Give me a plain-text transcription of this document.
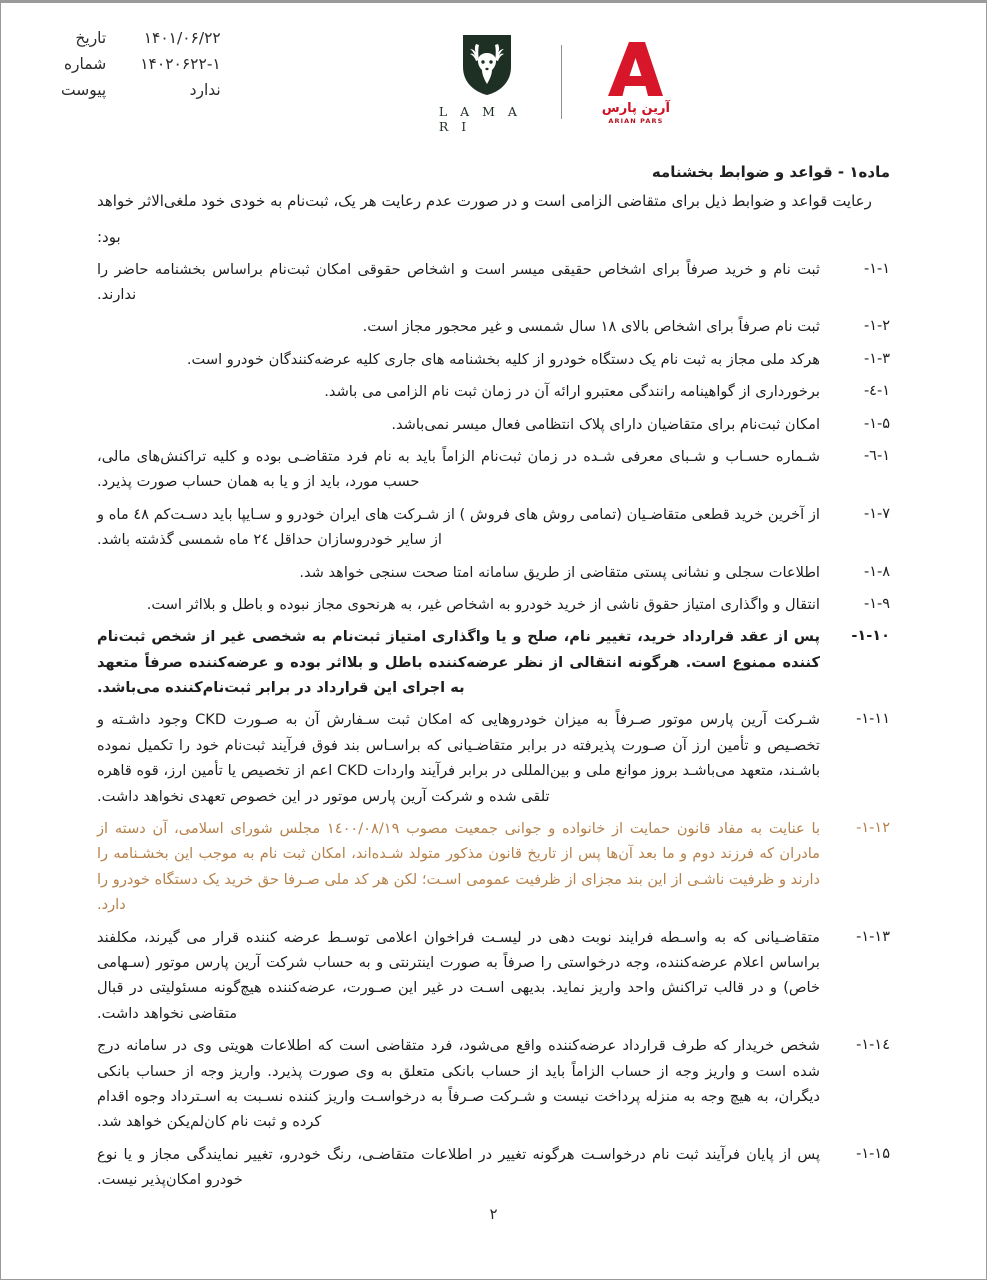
L A M A R I
آرین پارس
ARIAN PARS
۱۴۰۱/۰۶/۲۲
تاریخ
۱۴۰۲۰۶۲۲-۱
شماره
ندارد
پیوست
ماده۱ - قواعد و ضوابط بخشنامه

رعایت قواعد و ضوابط ذیل برای متقاضی الزامی است و در صورت عدم رعایت هر یک، ثبت‌نام به خودی خود ملغی‌الاثر خواهد

بود:

۱-۱-
ثبت نام و خرید صرفاً برای اشخاص حقیقی میسر است و اشخاص حقوقی امکان ثبت‌نام براساس بخشنامه حاضر را ندارند.
۱-۲-
ثبت نام صرفاً برای اشخاص بالای ۱۸ سال شمسی و غیر محجور مجاز است.
۱-۳-
هرکد ملی مجاز به ثبت نام یک دستگاه خودرو از کلیه بخشنامه های جاری کلیه عرضه‌کنندگان خودرو است.
۱-٤-
برخورداری از گواهینامه رانندگی معتبرو ارائه آن در زمان ثبت نام الزامی می باشد.
۱-۵-
امکان ثبت‌نام برای متقاضیان دارای پلاک انتظامی فعال میسر نمی‌باشد.
۱-٦-
شـماره حسـاب و شـبای معرفی شـده در زمان ثبت‌نام الزاماً باید به نام فرد متقاضـی بوده و کلیه تراکنش‌های مالی، حسب مورد، باید از و یا به همان حساب صورت پذیرد.
۱-۷-
از آخرین خرید قطعی متقاضـیان (تمامی روش های فروش ) از شـرکت های ایران خودرو و سـایپا باید دسـت‌کم ٤۸ ماه و از سایر خودروسازان حداقل ۲٤ ماه شمسی گذشته باشد.
۱-۸-
اطلاعات سجلی و نشانی پستی متقاضی از طریق سامانه امتا صحت سنجی خواهد شد.
۱-۹-
انتقال و واگذاری امتیاز حقوق ناشی از خرید خودرو به اشخاص غیر، به هرنحوی مجاز نبوده و باطل و بلااثر است.
۱-۱۰-
پس از عقد قرارداد خرید، تغییر نام، صلح و یا واگذاری امتیاز ثبت‌نام به شخصی غیر از شخص ثبت‌نام کننده ممنوع است. هرگونه انتقالی از نظر عرضه‌کننده باطل و بلااثر بوده و عرضه‌کننده صرفاً متعهد به اجرای این قرارداد در برابر ثبت‌نام‌کننده می‌باشد.
۱-۱۱-
شـرکت آرین پارس موتور صـرفاً به میزان خودروهایی که امکان ثبت سـفارش آن به صـورت CKD وجود داشـته و تخصـیص و تأمین ارز آن صـورت پذیرفته در برابر متقاضـیانی که براسـاس بند فوق فرآیند ثبت‌نام خود را تکمیل نموده باشـند، متعهد می‌باشـد بروز موانع ملی و بین‌المللی در برابر فرآیند واردات CKD اعم از تخصیص یا تأمین ارز، قوه قاهره تلقی شده و شرکت آرین پارس موتور در این خصوص تعهدی نخواهد داشت.
۱-۱۲-
با عنایت به مفاد قانون حمایت از خانواده و جوانی جمعیت مصوب ۱٤۰۰/۰۸/۱۹ مجلس شورای اسلامی، آن دسته از مادران که فرزند دوم و ما بعد آن‌ها پس از تاریخ قانون مذکور متولد شـده‌اند، امکان ثبت نام به موجب این بخشـنامه را دارند و ظرفیت ناشـی از این بند مجزای از ظرفیت عمومی اسـت؛ لکن هر کد ملی صـرفا حق خرید یک دستگاه خودرو را دارد.
۱-۱۳-
متقاضـیانی که به واسـطه فرایند نوبت دهی در لیسـت فراخوان اعلامی توسـط عرضه کننده قرار می گیرند، مکلفند براساس اعلام عرضه‌کننده، وجه درخواستی را صرفاً به صورت اینترنتی و به حساب شرکت آرین پارس موتور (سـهامی خاص) و در قالب تراکنش واحد واریز نماید. بدیهی اسـت در غیر این صـورت، عرضه‌کننده هیچ‌گونه مسئولیتی در قبال متقاضی نخواهد داشت.
۱-۱٤-
شخص خریدار که طرف قرارداد عرضه‌کننده واقع می‌شود، فرد متقاضی است که اطلاعات هویتی وی در سامانه درج شده است و واریز وجه از حساب الزاماً باید از حساب بانکی متعلق به وی صورت پذیرد. واریز وجه از حساب بانکی دیگران، به هیچ وجه به منزله پرداخت نیست و شـرکت صـرفاً به درخواسـت واریز کننده نسـبت به اسـترداد وجوه اقدام کرده و ثبت نام کان‌لم‌یکن خواهد شد.
۱-۱۵-
پس از پایان فرآیند ثبت نام درخواسـت هرگونه تغییر در اطلاعات متقاضـی، رنگ خودرو، تغییر نمایندگی مجاز و یا نوع خودرو امکان‌پذیر نیست.
۲
